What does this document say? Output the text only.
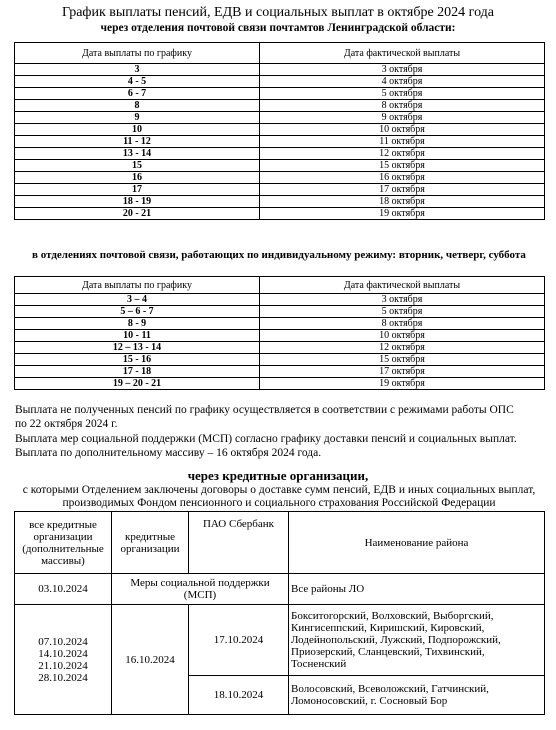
График выплаты пенсий, ЕДВ и социальных выплат в октябре 2024 года
через отделения почтовой связи почтамтов Ленинградской области:
Дата выплаты по графику	Дата фактической выплаты
3	3 октября
4 - 5	4 октября
6 - 7	5 октября
8	8 октября
9	9 октября
10	10 октября
11 - 12	11 октября
13 - 14	12 октября
15	15 октября
16	16 октября
17	17 октября
18 - 19	18 октября
20 - 21	19 октября
в отделениях почтовой связи, работающих по индивидуальному режиму: вторник, четверг, суббота
Дата выплаты по графику	Дата фактической выплаты
3 – 4	3 октября
5 – 6 - 7	5 октября
8 - 9	8 октября
10 - 11	10 октября
12 – 13 - 14	12 октября
15 - 16	15 октября
17 - 18	17 октября
19 – 20 - 21	19 октября
Выплата не полученных пенсий по графику осуществляется в соответствии с режимами работы ОПС
по 22 октября 2024 г.
Выплата мер социальной поддержки (МСП) согласно графику доставки пенсий и социальных выплат.
Выплата по дополнительному массиву – 16 октября 2024 года.
через кредитные организации,
с которыми Отделением заключены договоры о доставке сумм пенсий, ЕДВ и иных социальных выплат, производимых Фондом пенсионного и социального страхования Российской Федерации
все кредитные организации (дополнительные массивы)	кредитные организации	ПАО Сбербанк	Наименование района
03.10.2024	Меры социальной поддержки (МСП)		Все районы ЛО

07.10.2024
14.10.2024
21.10.2024
28.10.2024	16.10.2024	17.10.2024	Бокситогорский, Волховский, Выборгский, Кингисеппский, Киришский, Кировский, Лодейнопольский, Лужский, Подпорожский, Приозерский, Сланцевский, Тихвинский, Тосненский
		18.10.2024	Волосовский, Всеволожский, Гатчинский, Ломоносовский, г. Сосновый Бор
